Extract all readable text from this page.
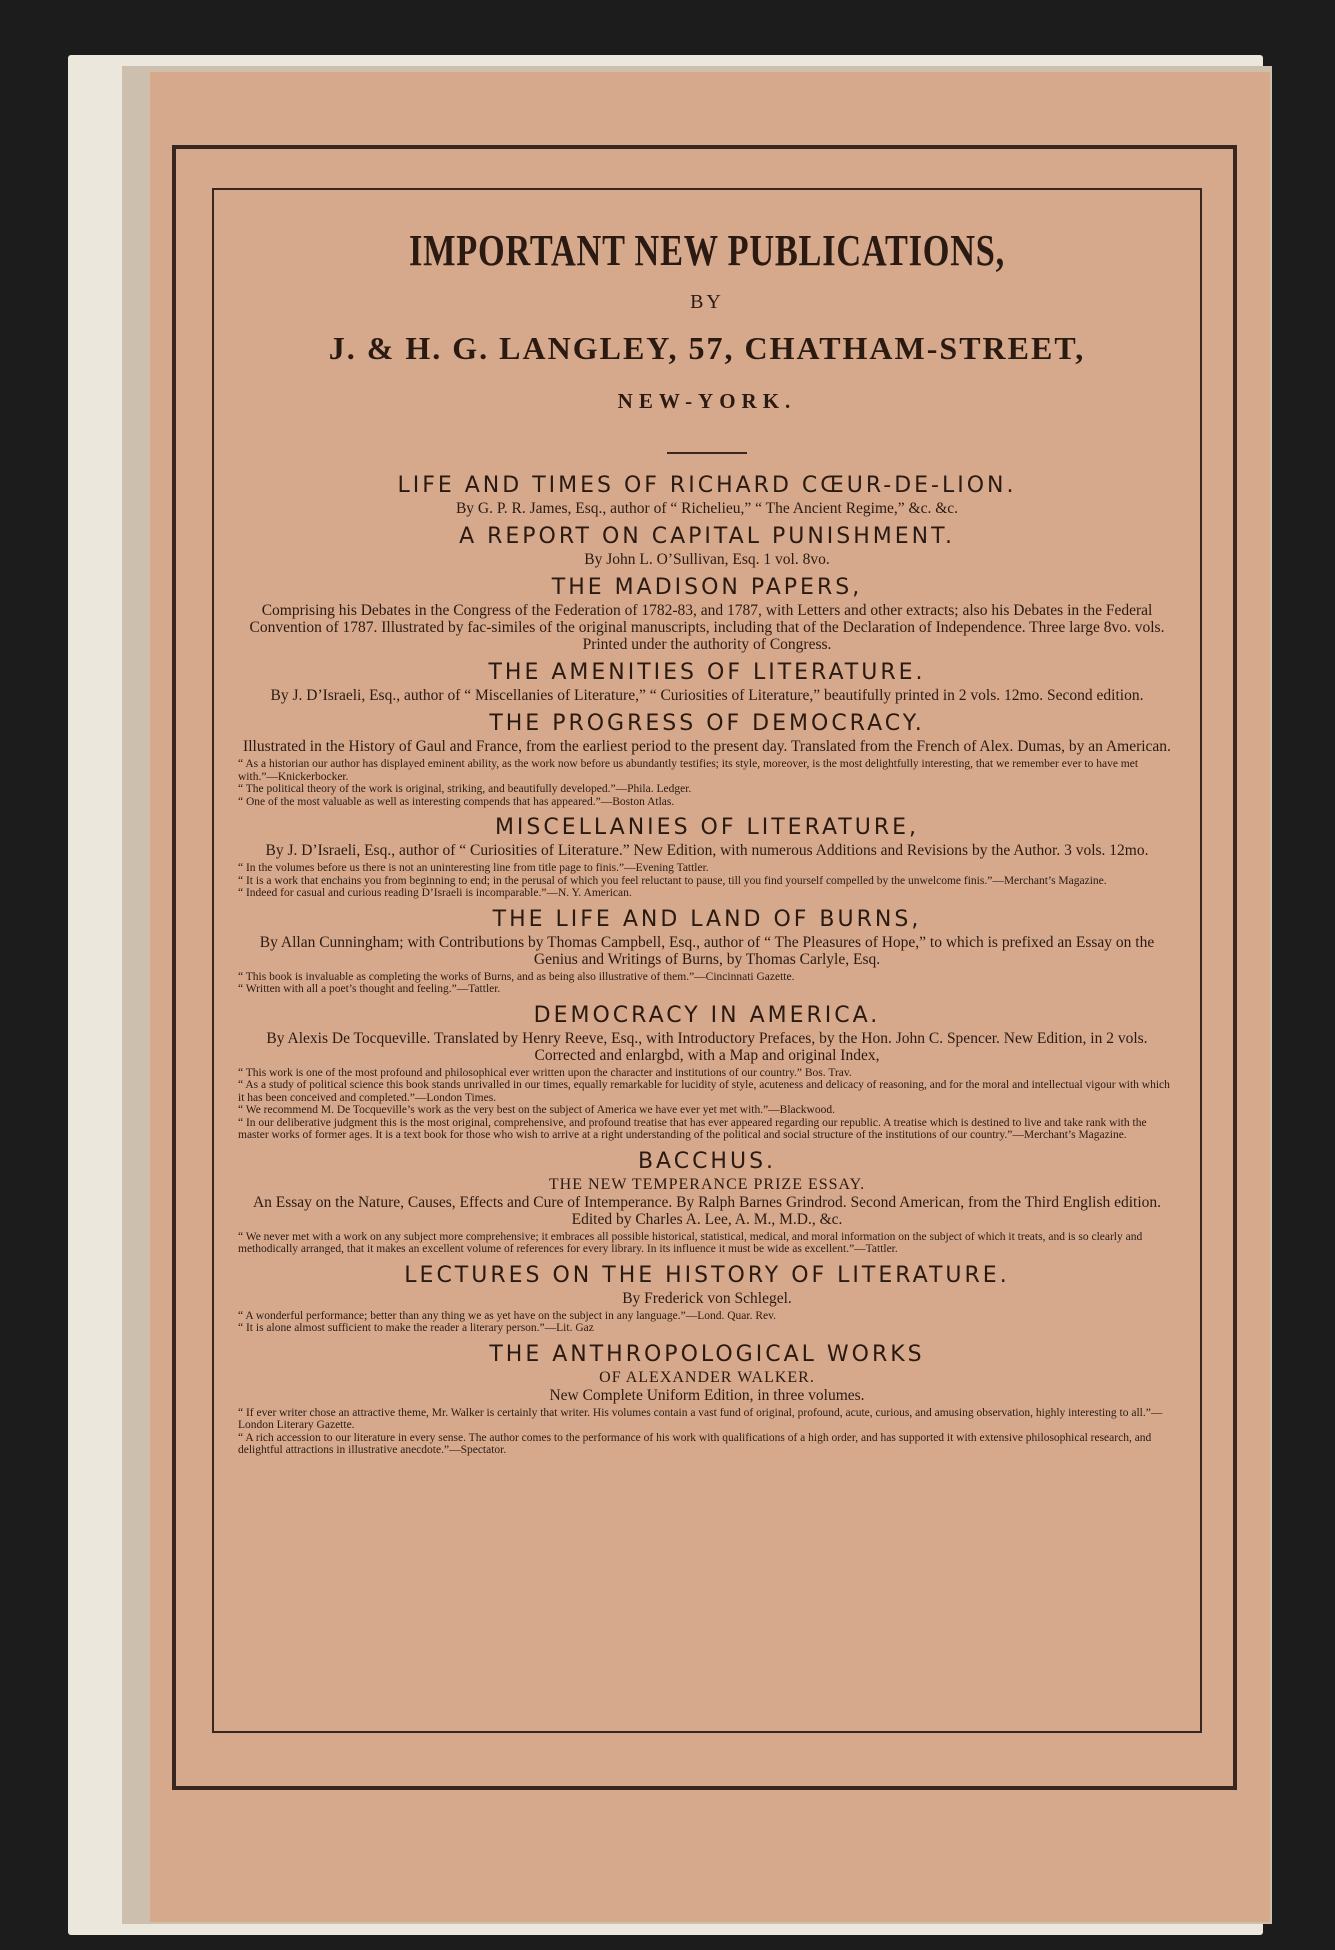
IMPORTANT NEW PUBLICATIONS,
BY
J. & H. G. LANGLEY, 57, CHATHAM-STREET,
NEW-YORK.
LIFE AND TIMES OF RICHARD CŒUR-DE-LION.
By G. P. R. James, Esq., author of “ Richelieu,” “ The Ancient Regime,” &c. &c.
A REPORT ON CAPITAL PUNISHMENT.
By John L. O’Sullivan, Esq. 1 vol. 8vo.
THE MADISON PAPERS,
Comprising his Debates in the Congress of the Federation of 1782-83, and 1787, with Letters and other extracts; also his Debates in the Federal Convention of 1787. Illustrated by fac-similes of the original manuscripts, including that of the Declaration of Independence. Three large 8vo. vols. Printed under the authority of Congress.
THE AMENITIES OF LITERATURE.
By J. D’Israeli, Esq., author of “ Miscellanies of Literature,” “ Curiosities of Literature,” beautifully printed in 2 vols. 12mo. Second edition.
THE PROGRESS OF DEMOCRACY.
Illustrated in the History of Gaul and France, from the earliest period to the present day. Translated from the French of Alex. Dumas, by an American.
“ As a historian our author has displayed eminent ability, as the work now before us abundantly testifies; its style, moreover, is the most delightfully interesting, that we remember ever to have met with.”—Knickerbocker.
“ The political theory of the work is original, striking, and beautifully developed.”—Phila. Ledger.
“ One of the most valuable as well as interesting compends that has appeared.”—Boston Atlas.
MISCELLANIES OF LITERATURE,
By J. D’Israeli, Esq., author of “ Curiosities of Literature.” New Edition, with numerous Additions and Revisions by the Author. 3 vols. 12mo.
“ In the volumes before us there is not an uninteresting line from title page to finis.”—Evening Tattler.
“ It is a work that enchains you from beginning to end; in the perusal of which you feel reluctant to pause, till you find yourself compelled by the unwelcome finis.”—Merchant’s Magazine.
“ Indeed for casual and curious reading D’Israeli is incomparable.”—N. Y. American.
THE LIFE AND LAND OF BURNS,
By Allan Cunningham; with Contributions by Thomas Campbell, Esq., author of “ The Pleasures of Hope,” to which is prefixed an Essay on the Genius and Writings of Burns, by Thomas Carlyle, Esq.
“ This book is invaluable as completing the works of Burns, and as being also illustrative of them.”—Cincinnati Gazette.
“ Written with all a poet’s thought and feeling.”—Tattler.
DEMOCRACY IN AMERICA.
By Alexis De Tocqueville. Translated by Henry Reeve, Esq., with Introductory Prefaces, by the Hon. John C. Spencer. New Edition, in 2 vols. Corrected and enlargbd, with a Map and original Index,
“ This work is one of the most profound and philosophical ever written upon the character and institutions of our country.” Bos. Trav.
“ As a study of political science this book stands unrivalled in our times, equally remarkable for lucidity of style, acuteness and delicacy of reasoning, and for the moral and intellectual vigour with which it has been conceived and completed.”—London Times.
“ We recommend M. De Tocqueville’s work as the very best on the subject of America we have ever yet met with.”—Blackwood.
“ In our deliberative judgment this is the most original, comprehensive, and profound treatise that has ever appeared regarding our republic. A treatise which is destined to live and take rank with the master works of former ages. It is a text book for those who wish to arrive at a right understanding of the political and social structure of the institutions of our country.”—Merchant’s Magazine.
BACCHUS.
THE NEW TEMPERANCE PRIZE ESSAY.
An Essay on the Nature, Causes, Effects and Cure of Intemperance. By Ralph Barnes Grindrod. Second American, from the Third English edition. Edited by Charles A. Lee, A. M., M.D., &c.
“ We never met with a work on any subject more comprehensive; it embraces all possible historical, statistical, medical, and moral information on the subject of which it treats, and is so clearly and methodically arranged, that it makes an excellent volume of references for every library. In its influence it must be wide as excellent.”—Tattler.
LECTURES ON THE HISTORY OF LITERATURE.
By Frederick von Schlegel.
“ A wonderful performance; better than any thing we as yet have on the subject in any language.”—Lond. Quar. Rev.
“ It is alone almost sufficient to make the reader a literary person.”—Lit. Gaz
THE ANTHROPOLOGICAL WORKS
OF ALEXANDER WALKER.
New Complete Uniform Edition, in three volumes.
“ If ever writer chose an attractive theme, Mr. Walker is certainly that writer. His volumes contain a vast fund of original, profound, acute, curious, and amusing observation, highly interesting to all.”—London Literary Gazette.
“ A rich accession to our literature in every sense. The author comes to the performance of his work with qualifications of a high order, and has supported it with extensive philosophical research, and delightful attractions in illustrative anecdote.”—Spectator.
